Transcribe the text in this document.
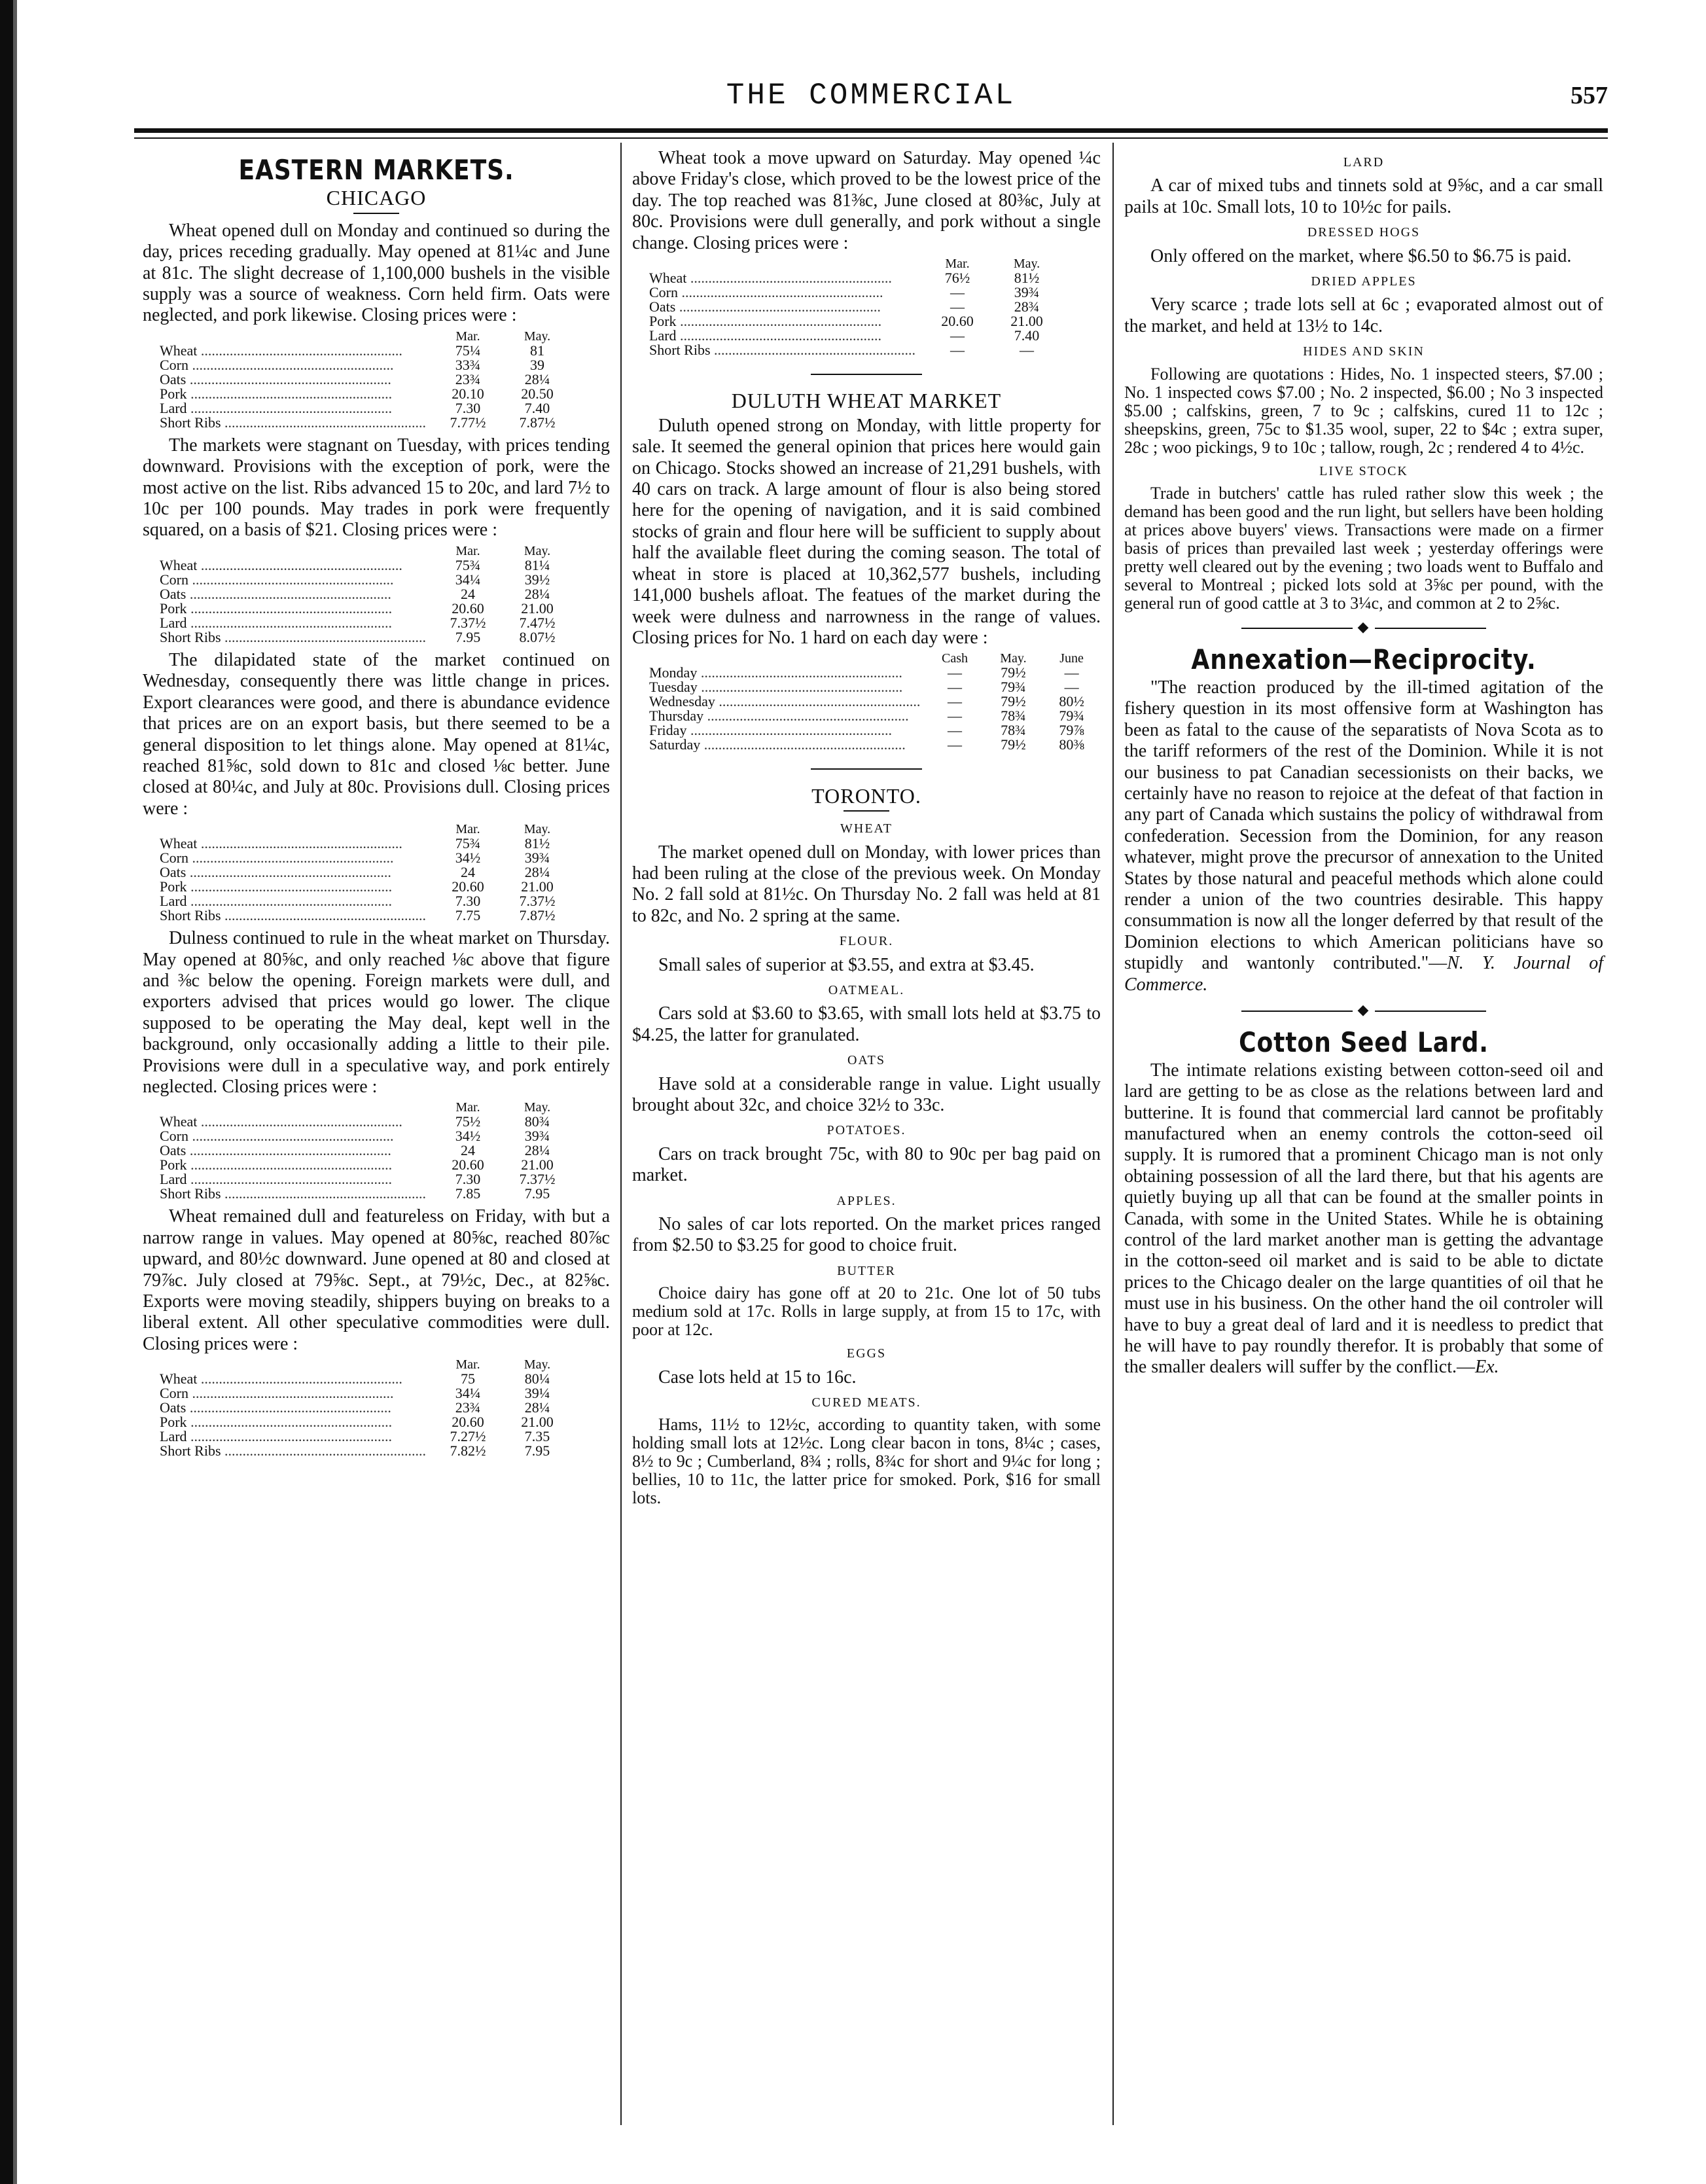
THE COMMERCIAL	557
EASTERN MARKETS.
CHICAGO

Wheat opened dull on Monday and continued so during the day, prices receding gradually. May opened at 81¼c and June at 81c. The slight decrease of 1,100,000 bushels in the visible supply was a source of weakness. Corn held firm. Oats were neglected, and pork likewise. Closing prices were :

	Mar.	May.
Wheat .....	75¼	81
Corn .....	33¾	39
Oats .....	23¾	28¼
Pork .....	20.10	20.50
Lard .....	7.30	7.40
Short Ribs .....	7.77½	7.87½

The markets were stagnant on Tuesday, with prices tending downward. Provisions with the exception of pork, were the most active on the list. Ribs advanced 15 to 20c, and lard 7½ to 10c per 100 pounds. May trades in pork were frequently squared, on a basis of $21. Closing prices were :

	Mar.	May.
Wheat .....	75¾	81¼
Corn .....	34¼	39½
Oats .....	24	28¼
Pork .....	20.60	21.00
Lard .....	7.37½	7.47½
Short Ribs .....	7.95	8.07½

The dilapidated state of the market continued on Wednesday, consequently there was little change in prices. Export clearances were good, and there is abundance evidence that prices are on an export basis, but there seemed to be a general disposition to let things alone. May opened at 81¼c, reached 81⅝c, sold down to 81c and closed ⅛c better. June closed at 80¼c, and July at 80c. Provisions dull. Closing prices were :

	Mar.	May.
Wheat .....	75¾	81½
Corn .....	34½	39¾
Oats .....	24	28¼
Pork .....	20.60	21.00
Lard .....	7.30	7.37½
Short Ribs .....	7.75	7.87½

Dulness continued to rule in the wheat market on Thursday. May opened at 80⅝c, and only reached ⅛c above that figure and ⅜c below the opening. Foreign markets were dull, and exporters advised that prices would go lower. The clique supposed to be operating the May deal, kept well in the background, only occasionally adding a little to their pile. Provisions were dull in a speculative way, and pork entirely neglected. Closing prices were :

	Mar.	May.
Wheat .....	75½	80¾
Corn .....	34½	39¾
Oats .....	24	28¼
Pork .....	20.60	21.00
Lard .....	7.30	7.37½
Short Ribs .....	7.85	7.95

Wheat remained dull and featureless on Friday, with but a narrow range in values. May opened at 80⅝c, reached 80⅞c upward, and 80½c downward. June opened at 80 and closed at 79⅞c. July closed at 79⅝c. Sept., at 79½c, Dec., at 82⅝c. Exports were moving steadily, shippers buying on breaks to a liberal extent. All other speculative commodities were dull. Closing prices were :

	Mar.	May.
Wheat .....	75	80¼
Corn .....	34¼	39¼
Oats .....	23¾	28¼
Pork .....	20.60	21.00
Lard .....	7.27½	7.35
Short Ribs .....	7.82½	7.95

Wheat took a move upward on Saturday. May opened ¼c above Friday's close, which proved to be the lowest price of the day. The top reached was 81⅜c, June closed at 80⅜c, July at 80c. Provisions were dull generally, and pork without a single change. Closing prices were :

	Mar.	May.
Wheat .....	76½	81½
Corn .....	—	39¾
Oats .....	—	28¾
Pork .....	20.60	21.00
Lard .....	—	7.40
Short Ribs .....	—	—
DULUTH WHEAT MARKET

Duluth opened strong on Monday, with little property for sale. It seemed the general opinion that prices here would gain on Chicago. Stocks showed an increase of 21,291 bushels, with 40 cars on track. A large amount of flour is also being stored here for the opening of navigation, and it is said combined stocks of grain and flour here will be sufficient to supply about half the available fleet during the coming season. The total of wheat in store is placed at 10,362,577 bushels, including 141,000 bushels afloat. The featues of the market during the week were dulness and narrowness in the range of values. Closing prices for No. 1 hard on each day were :

	Cash	May.	June
Monday .....	—	79½	—
Tuesday .....	—	79¾	—
Wednesday .....	—	79½	80½
Thursday .....	—	78¾	79¾
Friday .....	—	78¾	79⅞
Saturday .....	—	79½	80⅜
TORONTO.
WHEAT

The market opened dull on Monday, with lower prices than had been ruling at the close of the previous week. On Monday No. 2 fall sold at 81½c. On Thursday No. 2 fall was held at 81 to 82c, and No. 2 spring at the same.

FLOUR.

Small sales of superior at $3.55, and extra at $3.45.

OATMEAL.

Cars sold at $3.60 to $3.65, with small lots held at $3.75 to $4.25, the latter for granulated.

OATS

Have sold at a considerable range in value. Light usually brought about 32c, and choice 32½ to 33c.

POTATOES.

Cars on track brought 75c, with 80 to 90c per bag paid on market.

APPLES.

No sales of car lots reported. On the market prices ranged from $2.50 to $3.25 for good to choice fruit.

BUTTER

Choice dairy has gone off at 20 to 21c. One lot of 50 tubs medium sold at 17c. Rolls in large supply, at from 15 to 17c, with poor at 12c.

EGGS

Case lots held at 15 to 16c.

CURED MEATS.

Hams, 11½ to 12½c, according to quantity taken, with some holding small lots at 12½c. Long clear bacon in tons, 8¼c ; cases, 8½ to 9c ; Cumberland, 8¾ ; rolls, 8¾c for short and 9¼c for long ; bellies, 10 to 11c, the latter price for smoked. Pork, $16 for small lots.

LARD

A car of mixed tubs and tinnets sold at 9⅝c, and a car small pails at 10c. Small lots, 10 to 10½c for pails.

DRESSED HOGS

Only offered on the market, where $6.50 to $6.75 is paid.

DRIED APPLES

Very scarce ; trade lots sell at 6c ; evaporated almost out of the market, and held at 13½ to 14c.

HIDES AND SKIN

Following are quotations : Hides, No. 1 inspected steers, $7.00 ; No. 1 inspected cows $7.00 ; No. 2 inspected, $6.00 ; No 3 inspected $5.00 ; calfskins, green, 7 to 9c ; calfskins, cured 11 to 12c ; sheepskins, green, 75c to $1.35 wool, super, 22 to $4c ; extra super, 28c ; woo pickings, 9 to 10c ; tallow, rough, 2c ; rendered 4 to 4½c.

LIVE STOCK

Trade in butchers' cattle has ruled rather slow this week ; the demand has been good and the run light, but sellers have been holding at prices above buyers' views. Transactions were made on a firmer basis of prices than prevailed last week ; yesterday offerings were pretty well cleared out by the evening ; two loads went to Buffalo and several to Montreal ; picked lots sold at 3⅝c per pound, with the general run of good cattle at 3 to 3¼c, and common at 2 to 2⅝c.

◆
Annexation—Reciprocity.

"The reaction produced by the ill-timed agitation of the fishery question in its most offensive form at Washington has been as fatal to the cause of the separatists of Nova Scota as to the tariff reformers of the rest of the Dominion. While it is not our business to pat Canadian secessionists on their backs, we certainly have no reason to rejoice at the defeat of that faction in any part of Canada which sustains the policy of withdrawal from confederation. Secession from the Dominion, for any reason whatever, might prove the precursor of annexation to the United States by those natural and peaceful methods which alone could render a union of the two countries desirable. This happy consummation is now all the longer deferred by that result of the Dominion elections to which American politicians have so stupidly and wantonly contributed."—N. Y. Journal of Commerce.

◆
Cotton Seed Lard.

The intimate relations existing between cotton-seed oil and lard are getting to be as close as the relations between lard and butterine. It is found that commercial lard cannot be profitably manufactured when an enemy controls the cotton-seed oil supply. It is rumored that a prominent Chicago man is not only obtaining possession of all the lard there, but that his agents are quietly buying up all that can be found at the smaller points in Canada, with some in the United States. While he is obtaining control of the lard market another man is getting the advantage in the cotton-seed oil market and is said to be able to dictate prices to the Chicago dealer on the large quantities of oil that he must use in his business. On the other hand the oil controler will have to buy a great deal of lard and it is needless to predict that he will have to pay roundly therefor. It is probably that some of the smaller dealers will suffer by the conflict.—Ex.
